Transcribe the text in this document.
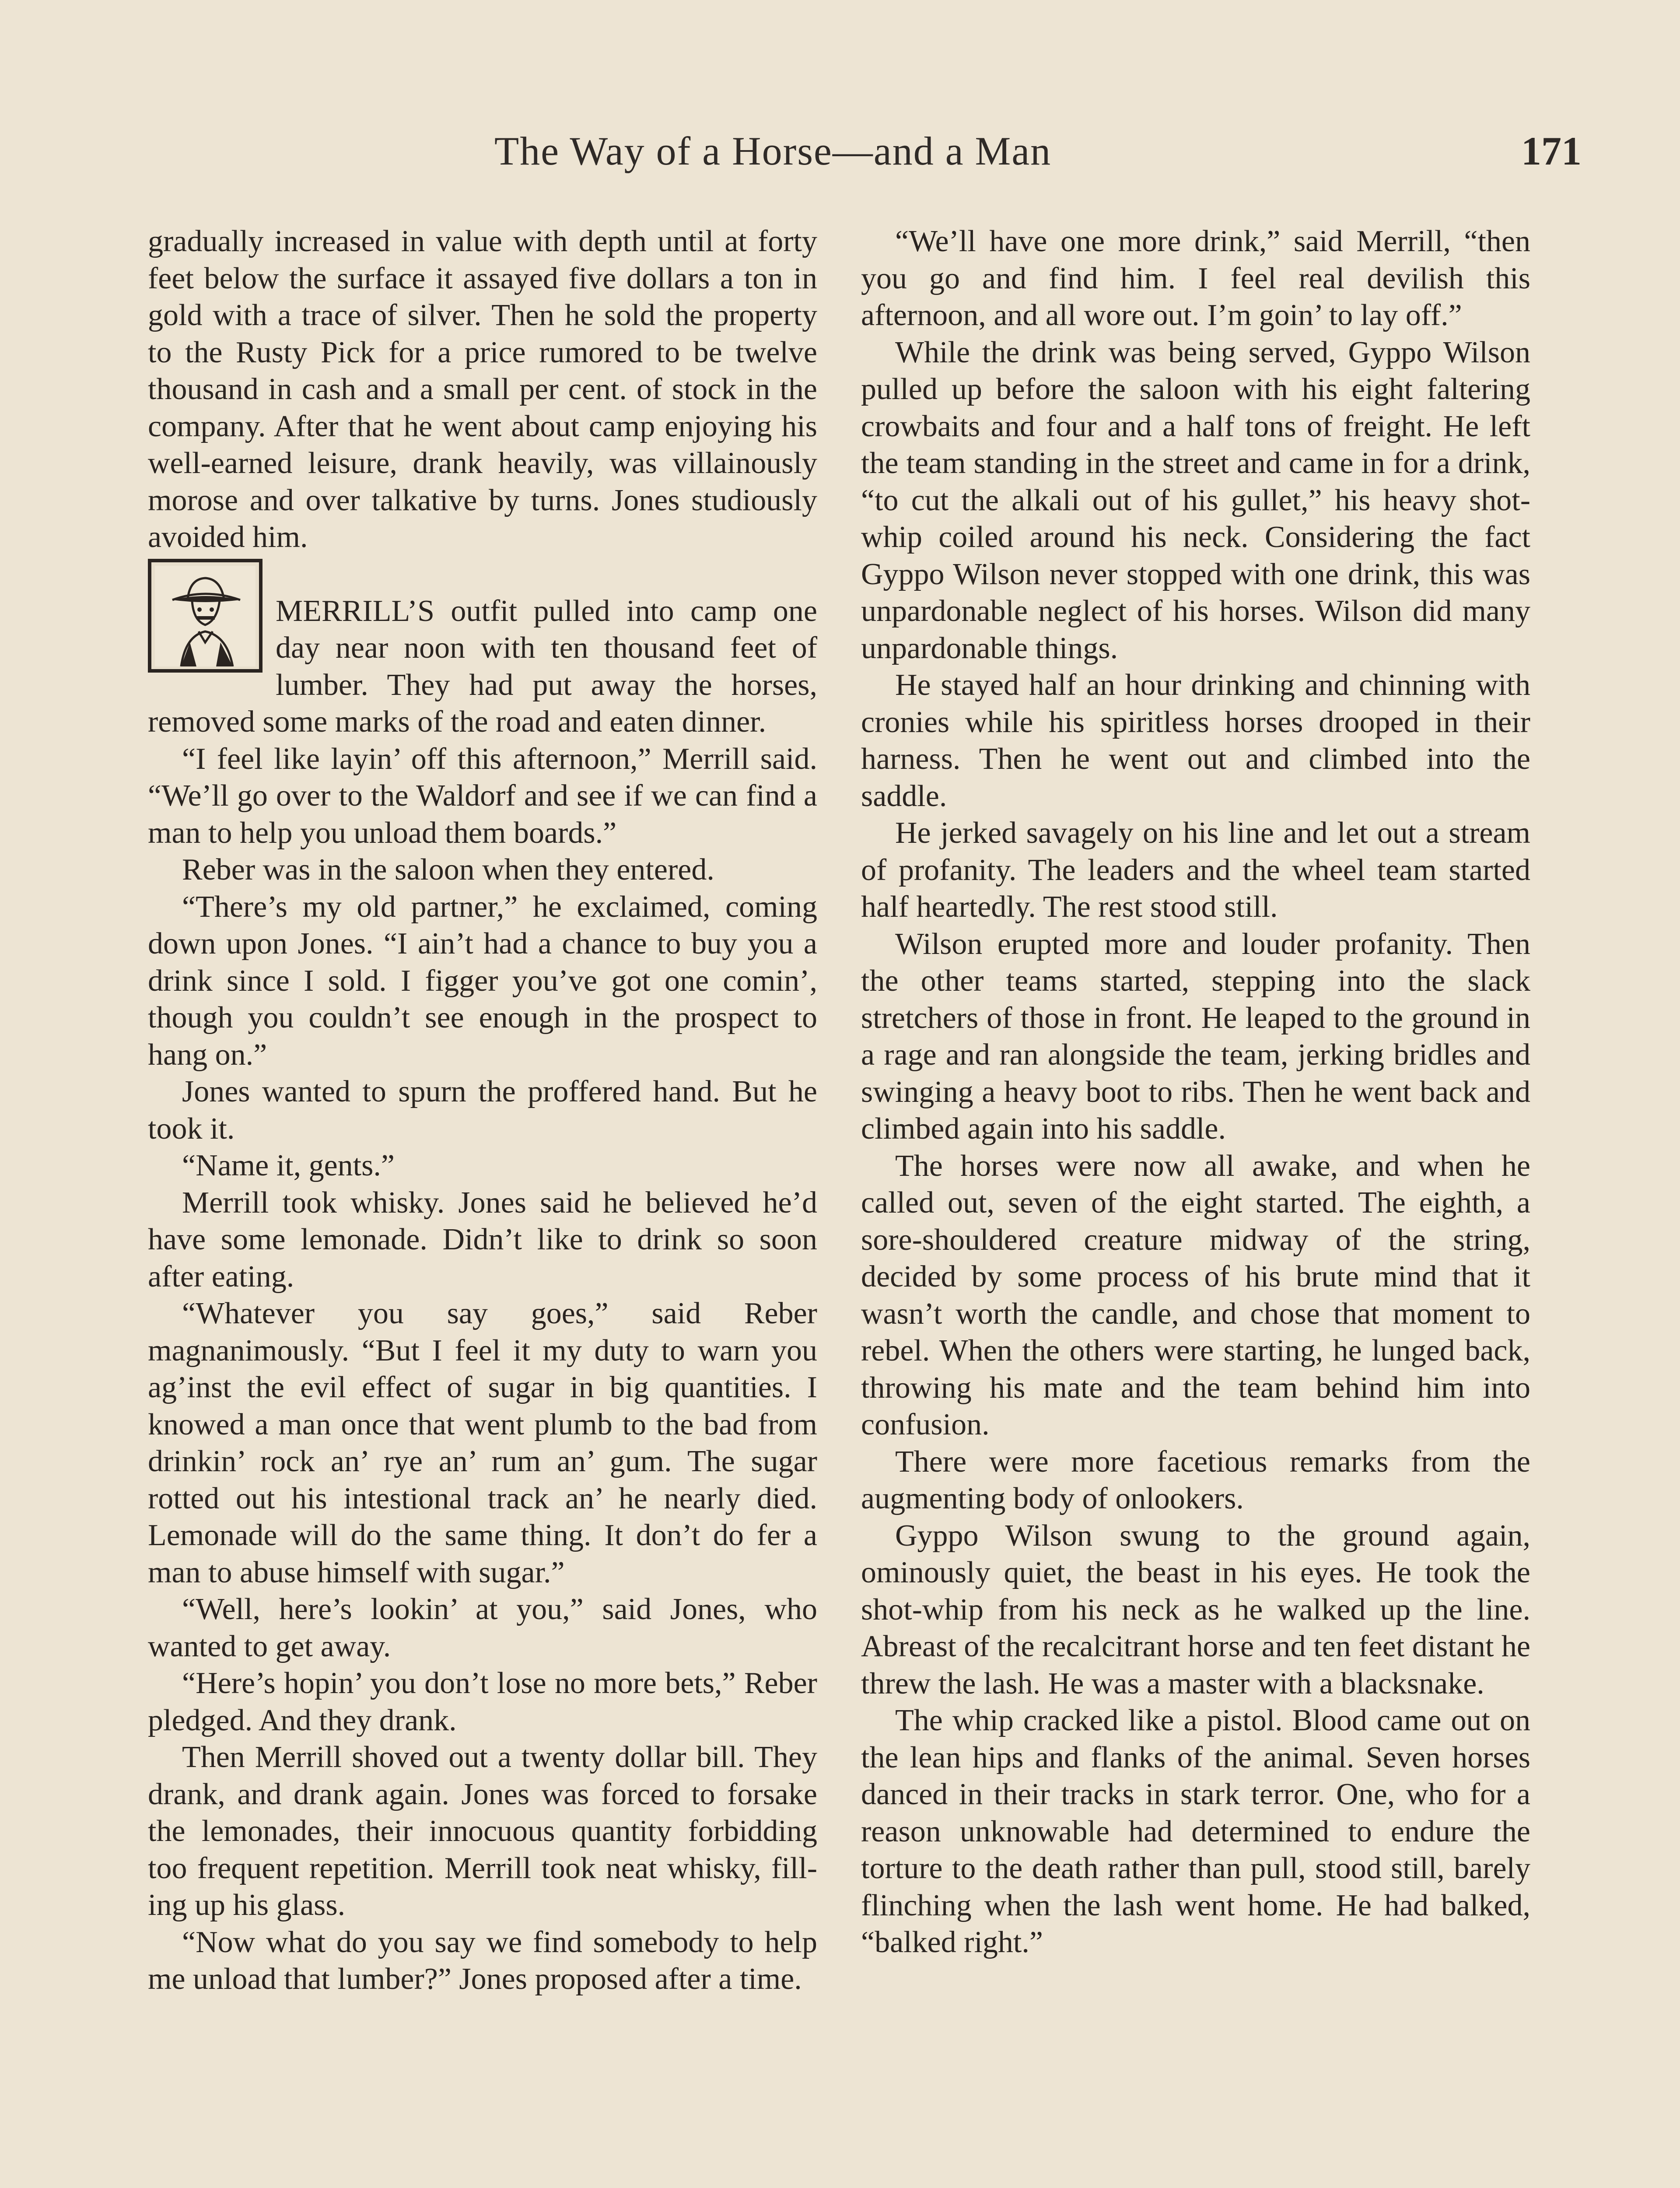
The Way of a Horse—and a Man	171

gradually increased in value with depth until at forty feet below the surface it assayed five dollars a ton in gold with a trace of silver. Then he sold the property to the Rusty Pick for a price rumored to be twelve thousand in cash and a small per cent. of stock in the company. After that he went about camp enjoying his well-earned leisure, drank heavily, was villainously morose and over talkative by turns. Jones studiously avoided him.

MERRILL’S outfit pulled into camp one day near noon with ten thousand feet of lumber. They had put away the horses, removed some marks of the road and eaten dinner.

“I feel like layin’ off this afternoon,” Merrill said. “We’ll go over to the Waldorf and see if we can find a man to help you unload them boards.”

Reber was in the saloon when they entered.

“There’s my old partner,” he exclaimed, coming down upon Jones. “I ain’t had a chance to buy you a drink since I sold. I figger you’ve got one comin’, though you couldn’t see enough in the prospect to hang on.”

Jones wanted to spurn the proffered hand. But he took it.

“Name it, gents.”

Merrill took whisky. Jones said he believed he’d have some lemonade. Didn’t like to drink so soon after eating.

“Whatever you say goes,” said Reber magnanimously. “But I feel it my duty to warn you ag’inst the evil effect of sugar in big quantities. I knowed a man once that went plumb to the bad from drinkin’ rock an’ rye an’ rum an’ gum. The sugar rotted out his intestional track an’ he nearly died. Lemonade will do the same thing. It don’t do fer a man to abuse himself with sugar.”

“Well, here’s lookin’ at you,” said Jones, who wanted to get away.

“Here’s hopin’ you don’t lose no more bets,” Reber pledged. And they drank.

Then Merrill shoved out a twenty dollar bill. They drank, and drank again. Jones was forced to forsake the lemonades, their innocuous quantity forbidding too frequent repetition. Merrill took neat whisky, filling up his glass.

“Now what do you say we find somebody to help me unload that lumber?” Jones proposed after a time.

“We’ll have one more drink,” said Merrill, “then you go and find him. I feel real devilish this afternoon, and all wore out. I’m goin’ to lay off.”

While the drink was being served, Gyppo Wilson pulled up before the saloon with his eight faltering crowbaits and four and a half tons of freight. He left the team standing in the street and came in for a drink, “to cut the alkali out of his gullet,” his heavy shot-whip coiled around his neck. Considering the fact Gyppo Wilson never stopped with one drink, this was unpardonable neglect of his horses. Wilson did many unpardonable things.

He stayed half an hour drinking and chinning with cronies while his spiritless horses drooped in their harness. Then he went out and climbed into the saddle.

He jerked savagely on his line and let out a stream of profanity. The leaders and the wheel team started half heartedly. The rest stood still.

Wilson erupted more and louder profanity. Then the other teams started, stepping into the slack stretchers of those in front. He leaped to the ground in a rage and ran alongside the team, jerking bridles and swinging a heavy boot to ribs. Then he went back and climbed again into his saddle.

The horses were now all awake, and when he called out, seven of the eight started. The eighth, a sore-shouldered creature midway of the string, decided by some process of his brute mind that it wasn’t worth the candle, and chose that moment to rebel. When the others were starting, he lunged back, throwing his mate and the team behind him into confusion.

There were more facetious remarks from the augmenting body of onlookers.

Gyppo Wilson swung to the ground again, ominously quiet, the beast in his eyes. He took the shot-whip from his neck as he walked up the line. Abreast of the recalcitrant horse and ten feet distant he threw the lash. He was a master with a blacksnake.

The whip cracked like a pistol. Blood came out on the lean hips and flanks of the animal. Seven horses danced in their tracks in stark terror. One, who for a reason unknowable had determined to endure the torture to the death rather than pull, stood still, barely flinching when the lash went home. He had balked, “balked right.”
